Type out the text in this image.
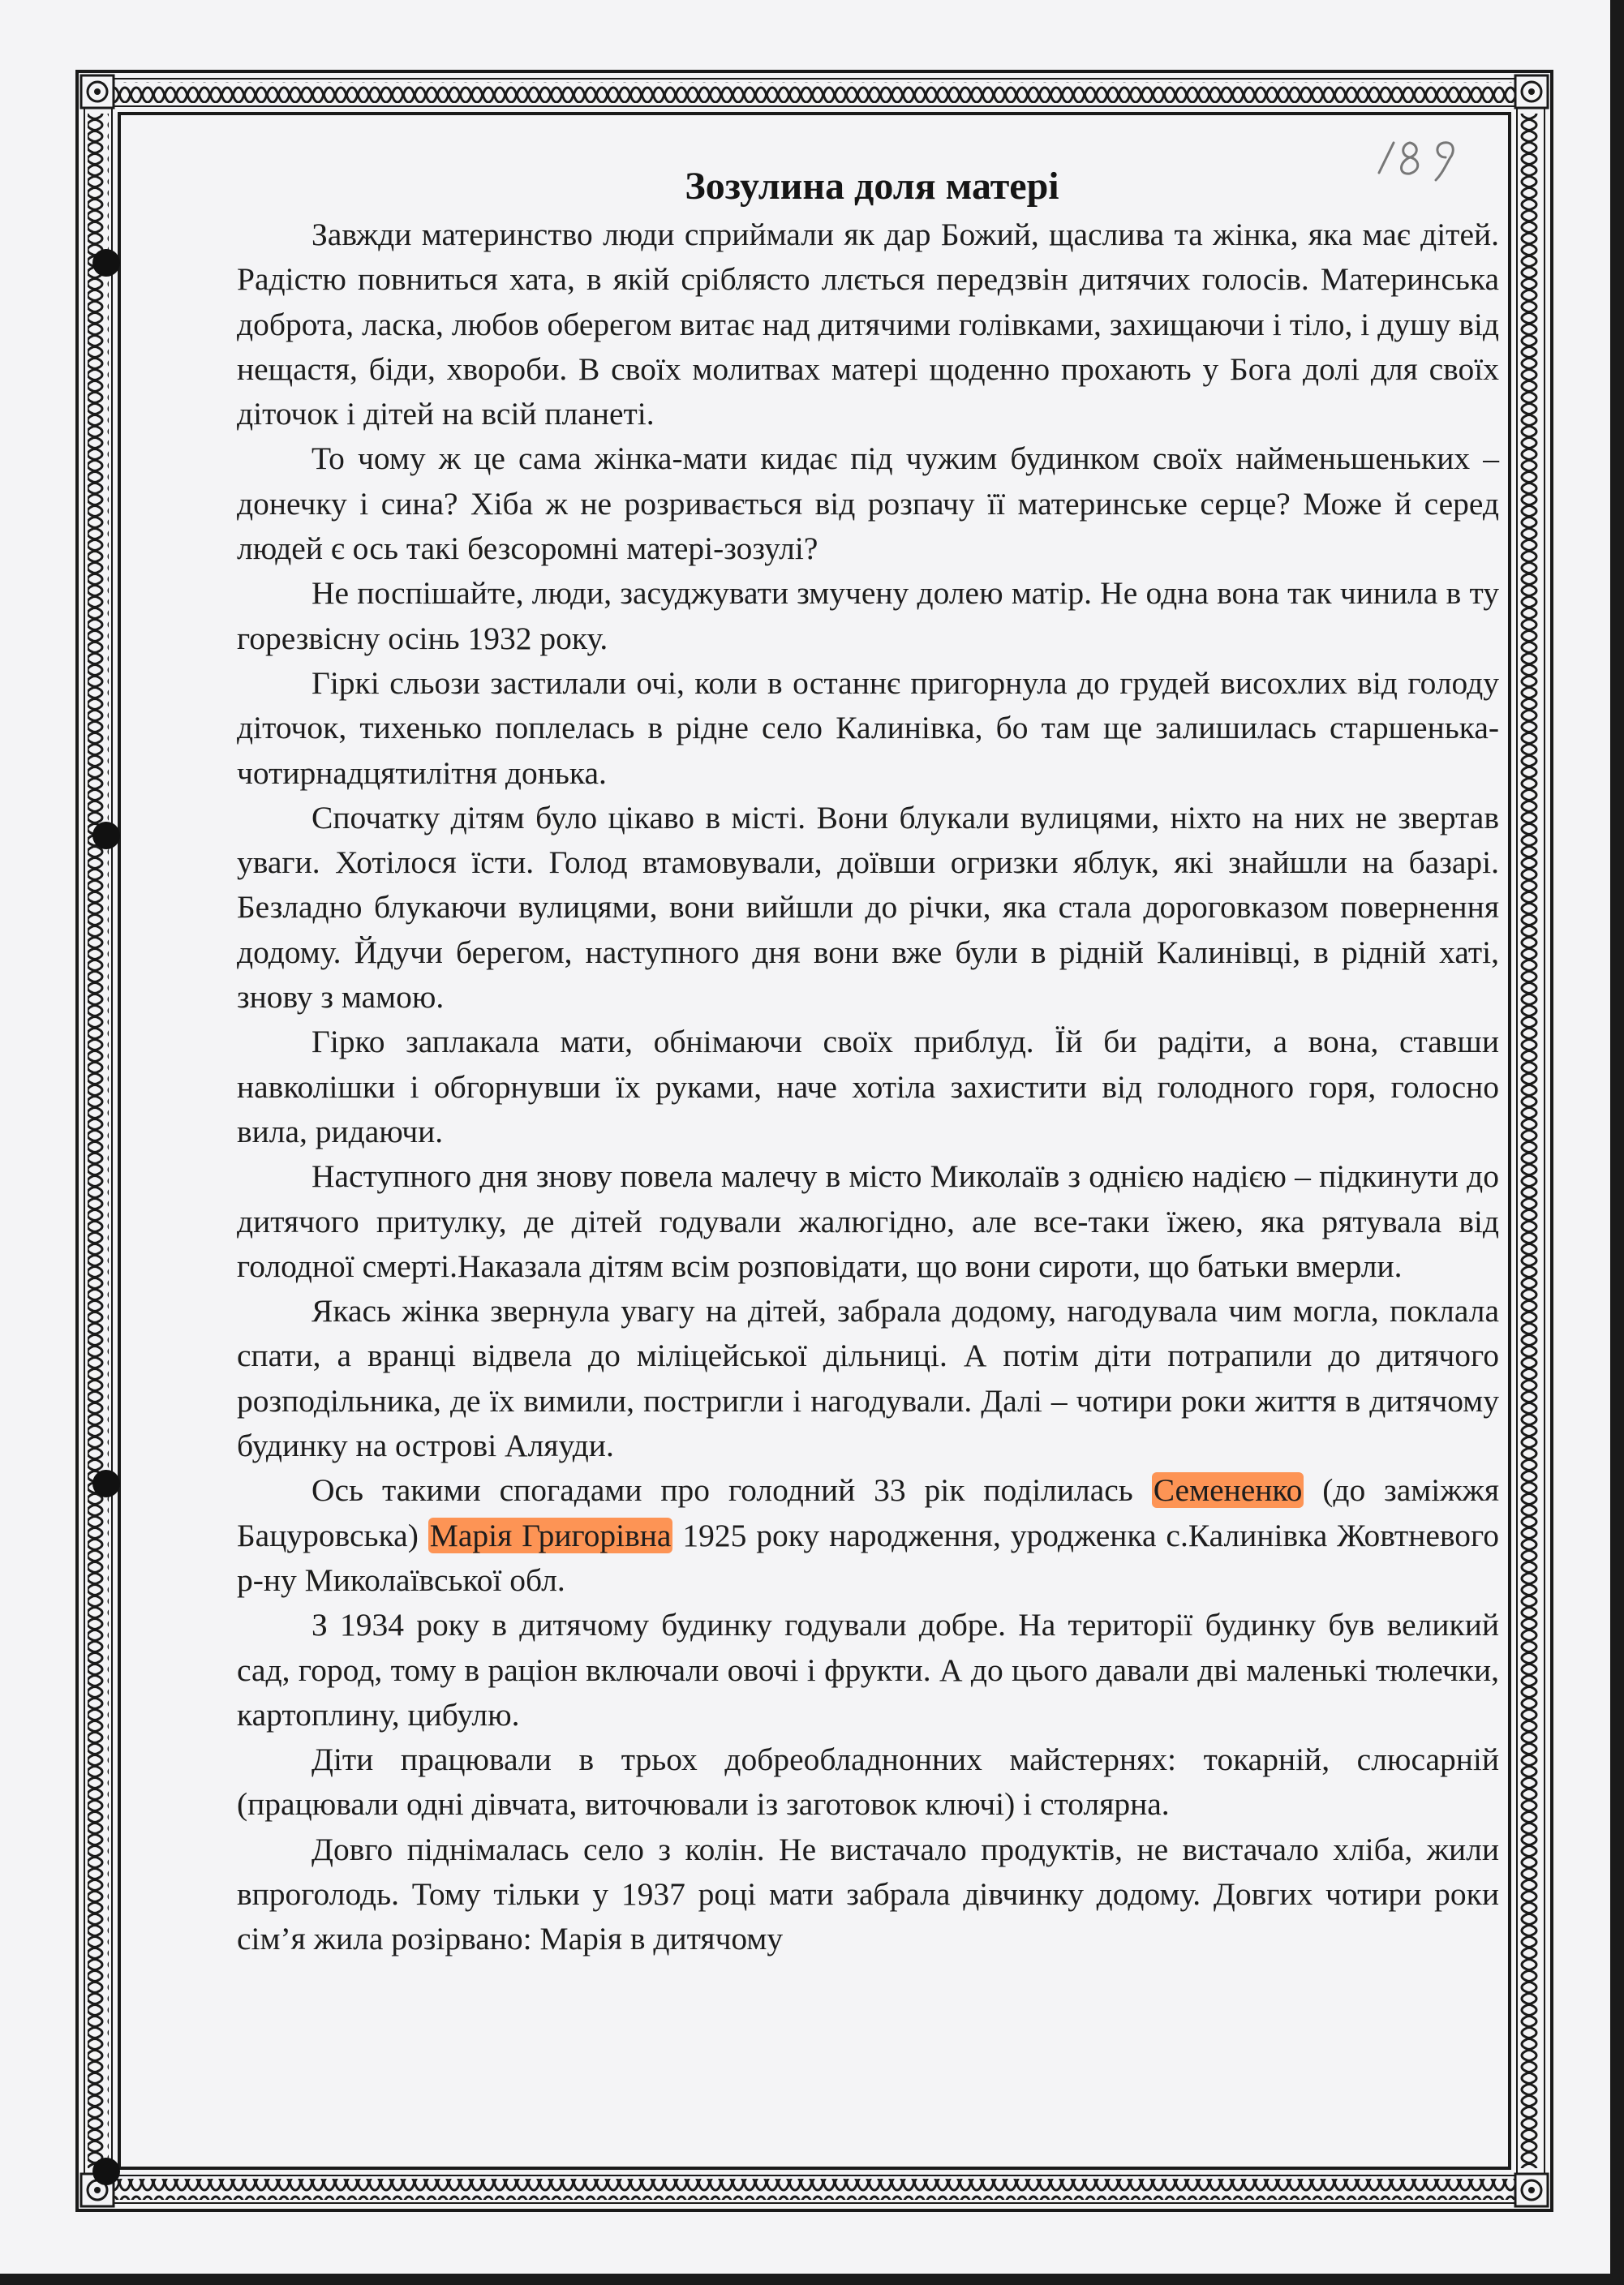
Зозулина доля матері

Завжди материнство люди сприймали як дар Божий, щаслива та жінка, яка має дітей. Радістю повниться хата, в якій сріблясто ллється передзвін дитячих голосів. Материнська доброта, ласка, любов оберегом витає над дитячими голівками, захищаючи і тіло, і душу від нещастя, біди, хвороби. В своїх молитвах матері щоденно прохають у Бога долі для своїх діточок і дітей на всій планеті.

То чому ж це сама жінка-мати кидає під чужим будинком своїх найменьшеньких – донечку і сина? Хіба ж не розривається від розпачу її материнське серце? Може й серед людей є ось такі безсоромні матері-зозулі?

Не поспішайте, люди, засуджувати змучену долею матір. Не одна вона так чинила в ту горезвісну осінь 1932 року.

Гіркі сльози застилали очі, коли в останнє пригорнула до грудей висохлих від голоду діточок, тихенько поплелась в рідне село Калинівка, бо там ще залишилась старшенька-чотирнадцятилітня донька.

Спочатку дітям було цікаво в місті. Вони блукали вулицями, ніхто на них не звертав уваги. Хотілося їсти. Голод втамовували, доївши огризки яблук, які знайшли на базарі. Безладно блукаючи вулицями, вони вийшли до річки, яка стала дороговказом повернення додому. Йдучи берегом, наступного дня вони вже були в рідній Калинівці, в рідній хаті, знову з мамою.

Гірко заплакала мати, обнімаючи своїх приблуд. Їй би радіти, а вона, ставши навколішки і обгорнувши їх руками, наче хотіла захистити від голодного горя, голосно вила, ридаючи.

Наступного дня знову повела малечу в місто Миколаїв з однією надією – підкинути до дитячого притулку, де дітей годували жалюгідно, але все-таки їжею, яка рятувала від голодної смерті.Наказала дітям всім розповідати, що вони сироти, що батьки вмерли.

Якась жінка звернула увагу на дітей, забрала додому, нагодувала чим могла, поклала спати, а вранці відвела до міліцейської дільниці. А потім діти потрапили до дитячого розподільника, де їх вимили, постригли і нагодували. Далі – чотири роки життя в дитячому будинку на острові Аляуди.

Ось такими спогадами про голодний 33 рік поділилась Семененко (до заміжжя Бацуровська) Марія Григорівна 1925 року народження, уродженка с.Калинівка Жовтневого р-ну Миколаївської обл.

З 1934 року в дитячому будинку годували добре. На території будинку був великий сад, город, тому в раціон включали овочі і фрукти. А до цього давали дві маленькі тюлечки, картоплину, цибулю.

Діти працювали в трьох добреобладнонних майстернях: токарній, слюсарній (працювали одні дівчата, виточювали із заготовок ключі) і столярна.

Довго піднімалась село з колін. Не вистачало продуктів, не вистачало хліба, жили впроголодь. Тому тільки у 1937 році мати забрала дівчинку додому. Довгих чотири роки сім’я жила розірвано: Марія в дитячому
